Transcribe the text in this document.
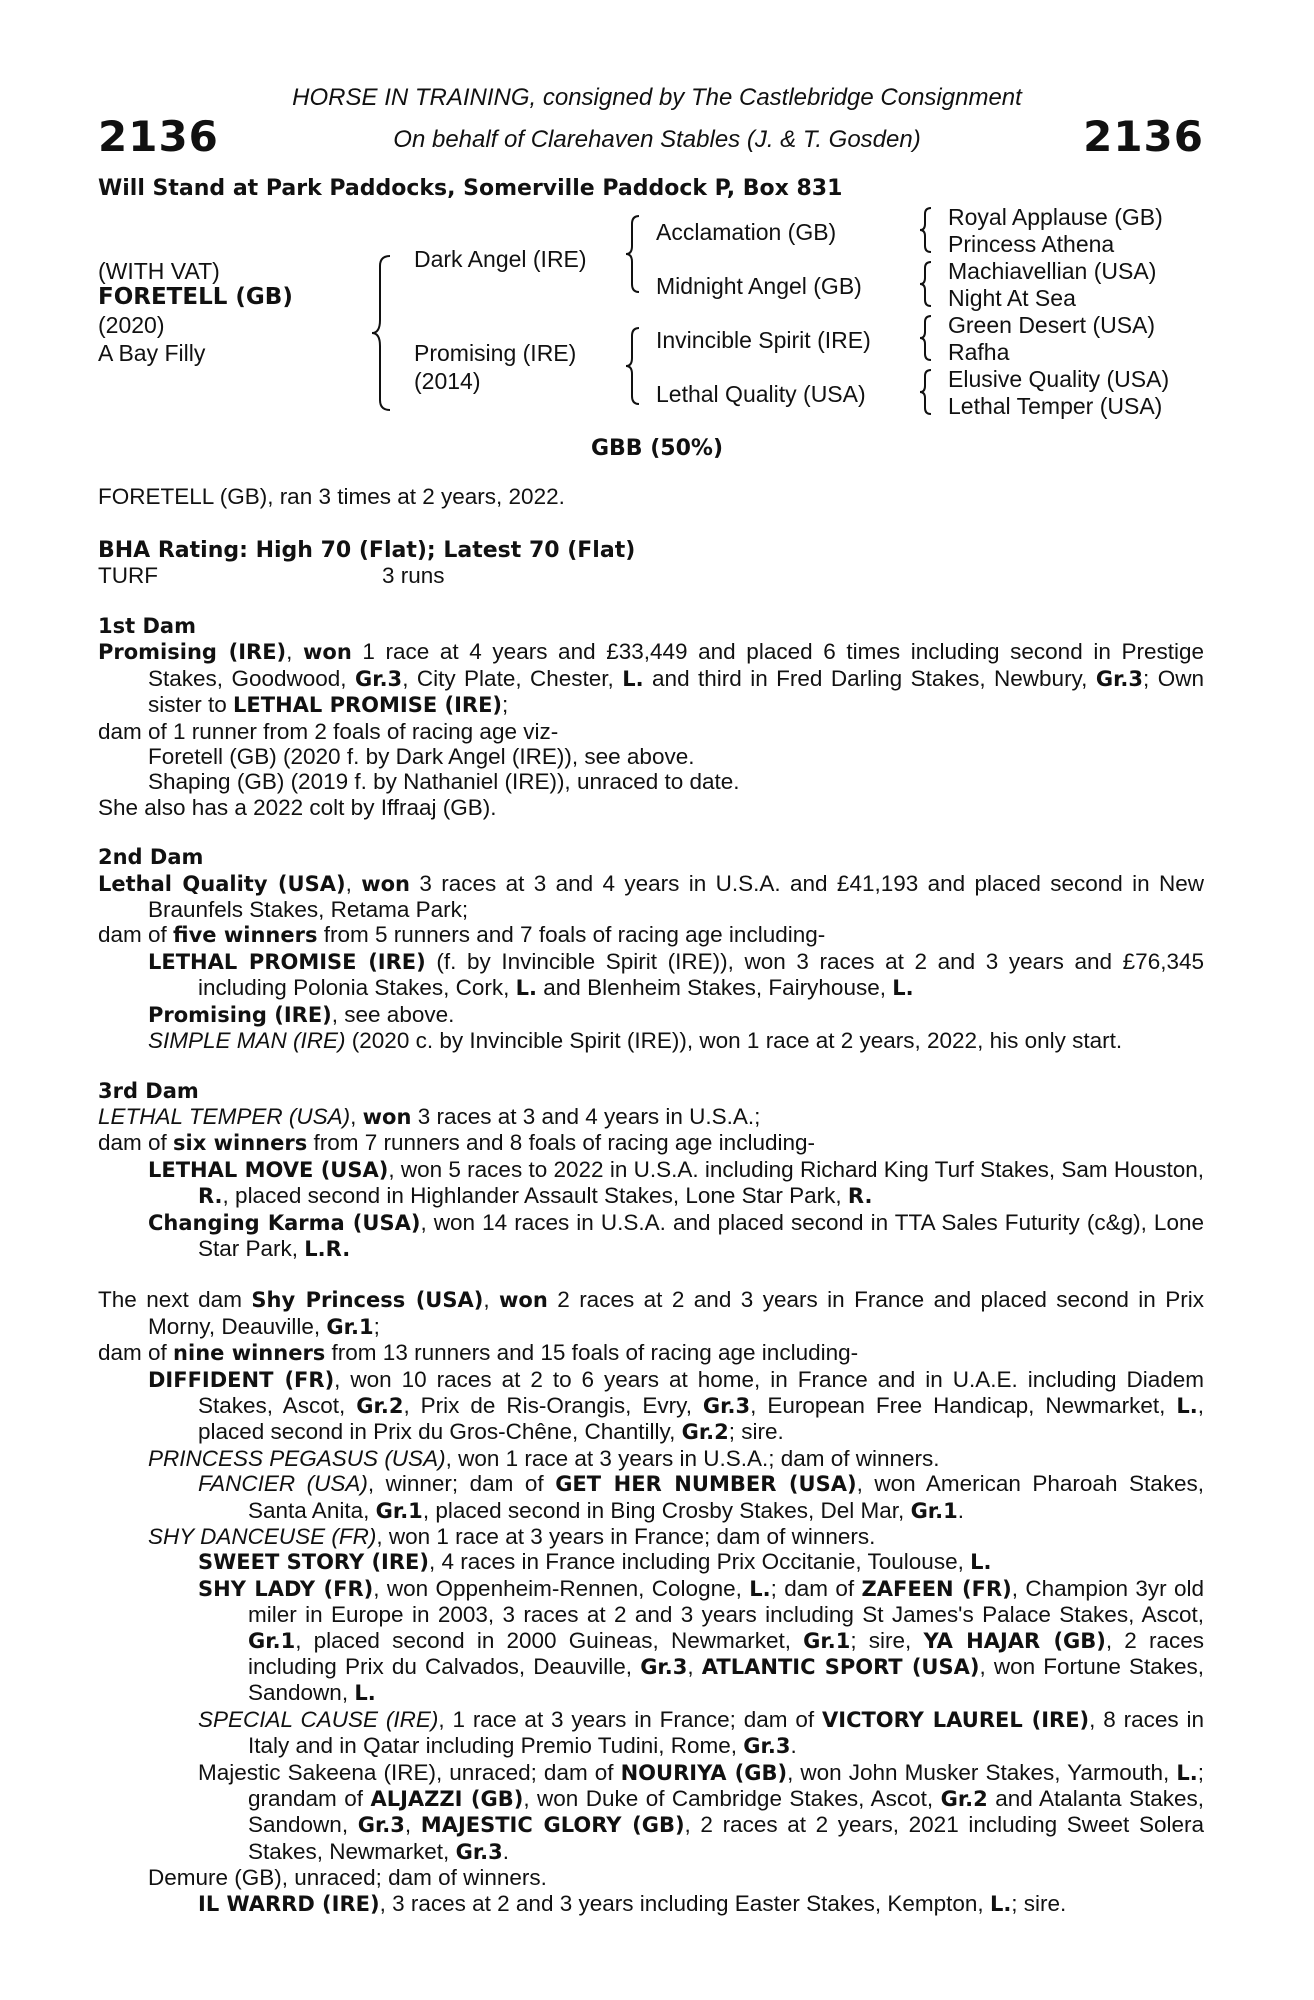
2136	2136
HORSE IN TRAINING, consigned by The Castlebridge Consignment
On behalf of Clarehaven Stables (J. & T. Gosden)
Will Stand at Park Paddocks, Somerville Paddock P, Box 831
(WITH VAT)
FORETELL (GB)
(2020)
A Bay Filly
Dark Angel (IRE)
Promising (IRE)
(2014)
Acclamation (GB)
Midnight Angel (GB)
Invincible Spirit (IRE)
Lethal Quality (USA)
Royal Applause (GB)
Princess Athena
Machiavellian (USA)
Night At Sea
Green Desert (USA)
Rafha
Elusive Quality (USA)
Lethal Temper (USA)
GBB (50%)
FORETELL (GB), ran 3 times at 2 years, 2022.
BHA Rating: High 70 (Flat); Latest 70 (Flat)
TURF	3 runs
1st Dam

Promising (IRE), won 1 race at 4 years and £33,449 and placed 6 times including second in Prestige Stakes, Goodwood, Gr.3, City Plate, Chester, L. and third in Fred Darling Stakes, Newbury, Gr.3; Own sister to LETHAL PROMISE (IRE);

dam of 1 runner from 2 foals of racing age viz-

Foretell (GB) (2020 f. by Dark Angel (IRE)), see above.

Shaping (GB) (2019 f. by Nathaniel (IRE)), unraced to date.

She also has a 2022 colt by Iffraaj (GB).

2nd Dam

Lethal Quality (USA), won 3 races at 3 and 4 years in U.S.A. and £41,193 and placed second in New Braunfels Stakes, Retama Park;

dam of five winners from 5 runners and 7 foals of racing age including-

LETHAL PROMISE (IRE) (f. by Invincible Spirit (IRE)), won 3 races at 2 and 3 years and £76,345 including Polonia Stakes, Cork, L. and Blenheim Stakes, Fairyhouse, L.

Promising (IRE), see above.

SIMPLE MAN (IRE) (2020 c. by Invincible Spirit (IRE)), won 1 race at 2 years, 2022, his only start.

3rd Dam

LETHAL TEMPER (USA), won 3 races at 3 and 4 years in U.S.A.;

dam of six winners from 7 runners and 8 foals of racing age including-

LETHAL MOVE (USA), won 5 races to 2022 in U.S.A. including Richard King Turf Stakes, Sam Houston, R., placed second in Highlander Assault Stakes, Lone Star Park, R.

Changing Karma (USA), won 14 races in U.S.A. and placed second in TTA Sales Futurity (c&g), Lone Star Park, L.R.

The next dam Shy Princess (USA), won 2 races at 2 and 3 years in France and placed second in Prix Morny, Deauville, Gr.1;

dam of nine winners from 13 runners and 15 foals of racing age including-

DIFFIDENT (FR), won 10 races at 2 to 6 years at home, in France and in U.A.E. including Diadem Stakes, Ascot, Gr.2, Prix de Ris-Orangis, Evry, Gr.3, European Free Handicap, Newmarket, L., placed second in Prix du Gros-Chêne, Chantilly, Gr.2; sire.

PRINCESS PEGASUS (USA), won 1 race at 3 years in U.S.A.; dam of winners.

FANCIER (USA), winner; dam of GET HER NUMBER (USA), won American Pharoah Stakes, Santa Anita, Gr.1, placed second in Bing Crosby Stakes, Del Mar, Gr.1.

SHY DANCEUSE (FR), won 1 race at 3 years in France; dam of winners.

SWEET STORY (IRE), 4 races in France including Prix Occitanie, Toulouse, L.

SHY LADY (FR), won Oppenheim-Rennen, Cologne, L.; dam of ZAFEEN (FR), Champion 3yr old miler in Europe in 2003, 3 races at 2 and 3 years including St James's Palace Stakes, Ascot, Gr.1, placed second in 2000 Guineas, Newmarket, Gr.1; sire, YA HAJAR (GB), 2 races including Prix du Calvados, Deauville, Gr.3, ATLANTIC SPORT (USA), won Fortune Stakes, Sandown, L.

SPECIAL CAUSE (IRE), 1 race at 3 years in France; dam of VICTORY LAUREL (IRE), 8 races in Italy and in Qatar including Premio Tudini, Rome, Gr.3.

Majestic Sakeena (IRE), unraced; dam of NOURIYA (GB), won John Musker Stakes, Yarmouth, L.; grandam of ALJAZZI (GB), won Duke of Cambridge Stakes, Ascot, Gr.2 and Atalanta Stakes, Sandown, Gr.3, MAJESTIC GLORY (GB), 2 races at 2 years, 2021 including Sweet Solera Stakes, Newmarket, Gr.3.

Demure (GB), unraced; dam of winners.

IL WARRD (IRE), 3 races at 2 and 3 years including Easter Stakes, Kempton, L.; sire.
